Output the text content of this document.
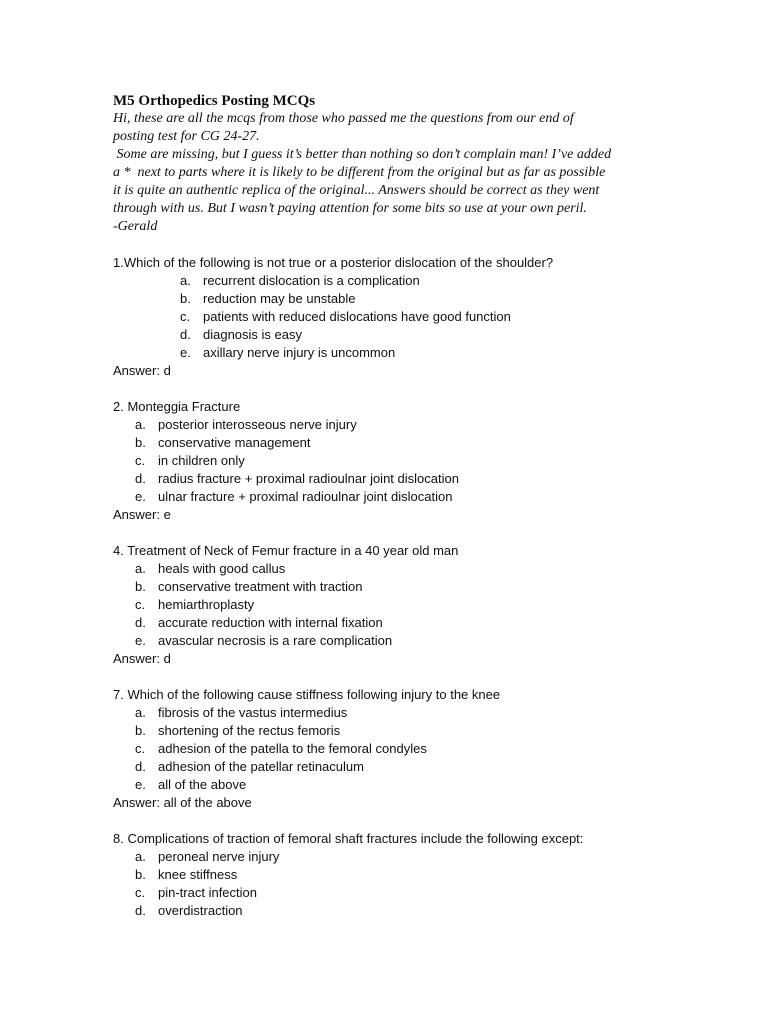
M5 Orthopedics Posting MCQs

Hi, these are all the mcqs from those who passed me the questions from our end of

posting test for CG 24-27.

Some are missing, but I guess it’s better than nothing so don’t complain man! I’ve added

a *  next to parts where it is likely to be different from the original but as far as possible

it is quite an authentic replica of the original... Answers should be correct as they went

through with us. But I wasn’t paying attention for some bits so use at your own peril.

-Gerald

1.Which of the following is not true or a posterior dislocation of the shoulder?

a. recurrent dislocation is a complication
b. reduction may be unstable
c. patients with reduced dislocations have good function
d. diagnosis is easy
e. axillary nerve injury is uncommon

Answer: d

2. Monteggia Fracture

a. posterior interosseous nerve injury
b. conservative management
c. in children only
d. radius fracture + proximal radioulnar joint dislocation
e. ulnar fracture + proximal radioulnar joint dislocation

Answer: e

4. Treatment of Neck of Femur fracture in a 40 year old man

a. heals with good callus
b. conservative treatment with traction
c. hemiarthroplasty
d. accurate reduction with internal fixation
e. avascular necrosis is a rare complication

Answer: d

7. Which of the following cause stiffness following injury to the knee

a. fibrosis of the vastus intermedius
b. shortening of the rectus femoris
c. adhesion of the patella to the femoral condyles
d. adhesion of the patellar retinaculum
e. all of the above

Answer: all of the above

8. Complications of traction of femoral shaft fractures include the following except:

a. peroneal nerve injury
b. knee stiffness
c. pin-tract infection
d. overdistraction
